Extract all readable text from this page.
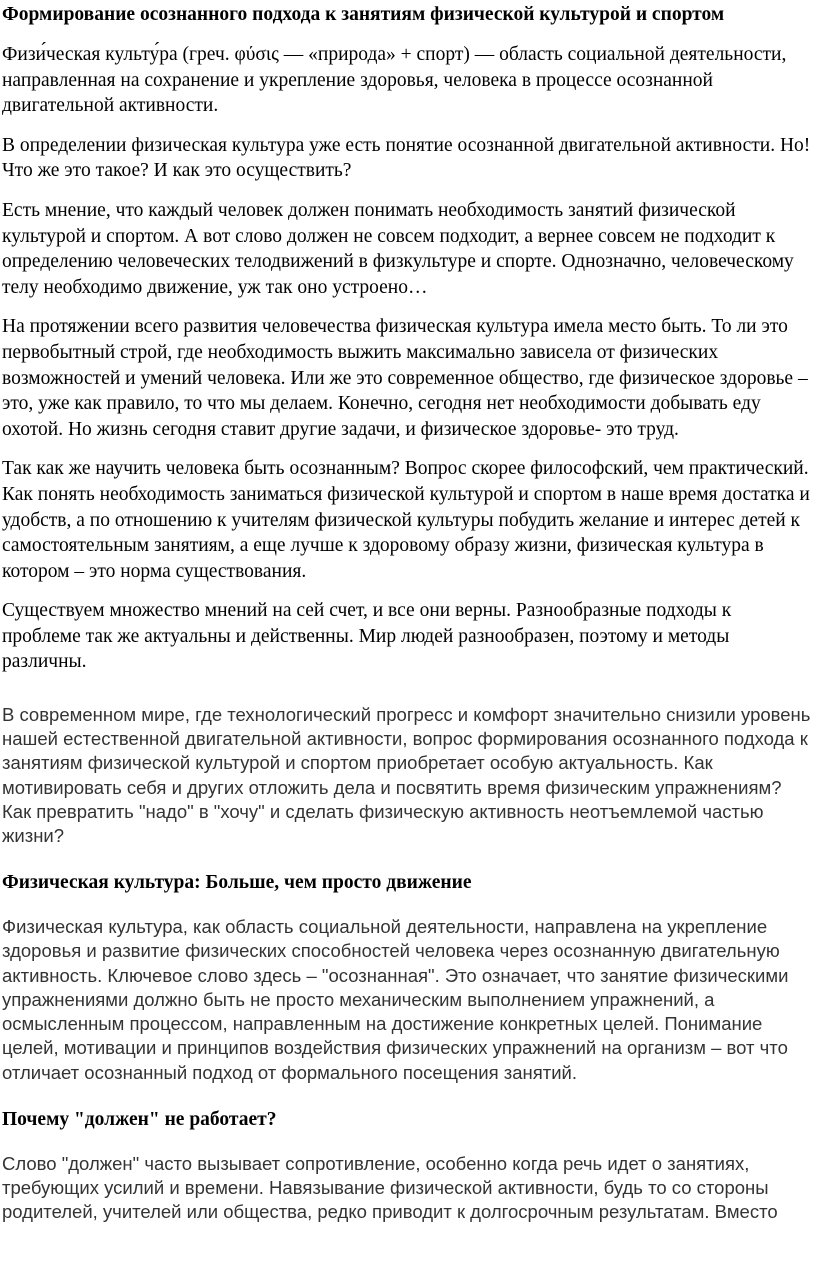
Формирование осознанного подхода к занятиям физической культурой и спортом

Физи́ческая культу́ра (греч. φύσις — «природа» + спорт) — область социальной деятельности, направленная на сохранение и укрепление здоровья, человека в процессе осознанной двигательной активности.

В определении физическая культура уже есть понятие осознанной двигательной активности. Но! Что же это такое? И как это осуществить?

Есть мнение, что каждый человек должен понимать необходимость занятий физической культурой и спортом. А вот слово должен не совсем подходит, а вернее совсем не подходит к определению человеческих телодвижений в физкультуре и спорте. Однозначно, человеческому телу необходимо движение, уж так оно устроено…

На протяжении всего развития человечества физическая культура имела место быть. То ли это первобытный строй, где необходимость выжить максимально зависела от физических возможностей и умений человека. Или же это современное общество, где физическое здоровье – это, уже как правило, то что мы делаем. Конечно, сегодня нет необходимости добывать еду охотой. Но жизнь сегодня ставит другие задачи, и физическое здоровье- это труд.

Так как же научить человека быть осознанным? Вопрос скорее философский, чем практический. Как понять необходимость заниматься физической культурой и спортом в наше время достатка и удобств, а по отношению к учителям физической культуры побудить желание и интерес детей к самостоятельным занятиям, а еще лучше к здоровому образу жизни, физическая культура в котором – это норма существования.

Существуем множество мнений на сей счет, и все они верны. Разнообразные подходы к проблеме так же актуальны и действенны. Мир людей разнообразен, поэтому и методы различны.

В современном мире, где технологический прогресс и комфорт значительно снизили уровень нашей естественной двигательной активности, вопрос формирования осознанного подхода к занятиям физической культурой и спортом приобретает особую актуальность. Как мотивировать себя и других отложить дела и посвятить время физическим упражнениям? Как превратить "надо" в "хочу" и сделать физическую активность неотъемлемой частью жизни?

Физическая культура: Больше, чем просто движение

Физическая культура, как область социальной деятельности, направлена на укрепление здоровья и развитие физических способностей человека через осознанную двигательную активность. Ключевое слово здесь – "осознанная". Это означает, что занятие физическими упражнениями должно быть не просто механическим выполнением упражнений, а осмысленным процессом, направленным на достижение конкретных целей. Понимание целей, мотивации и принципов воздействия физических упражнений на организм – вот что отличает осознанный подход от формального посещения занятий.

Почему "должен" не работает?

Слово "должен" часто вызывает сопротивление, особенно когда речь идет о занятиях, требующих усилий и времени. Навязывание физической активности, будь то со стороны родителей, учителей или общества, редко приводит к долгосрочным результатам. Вместо
